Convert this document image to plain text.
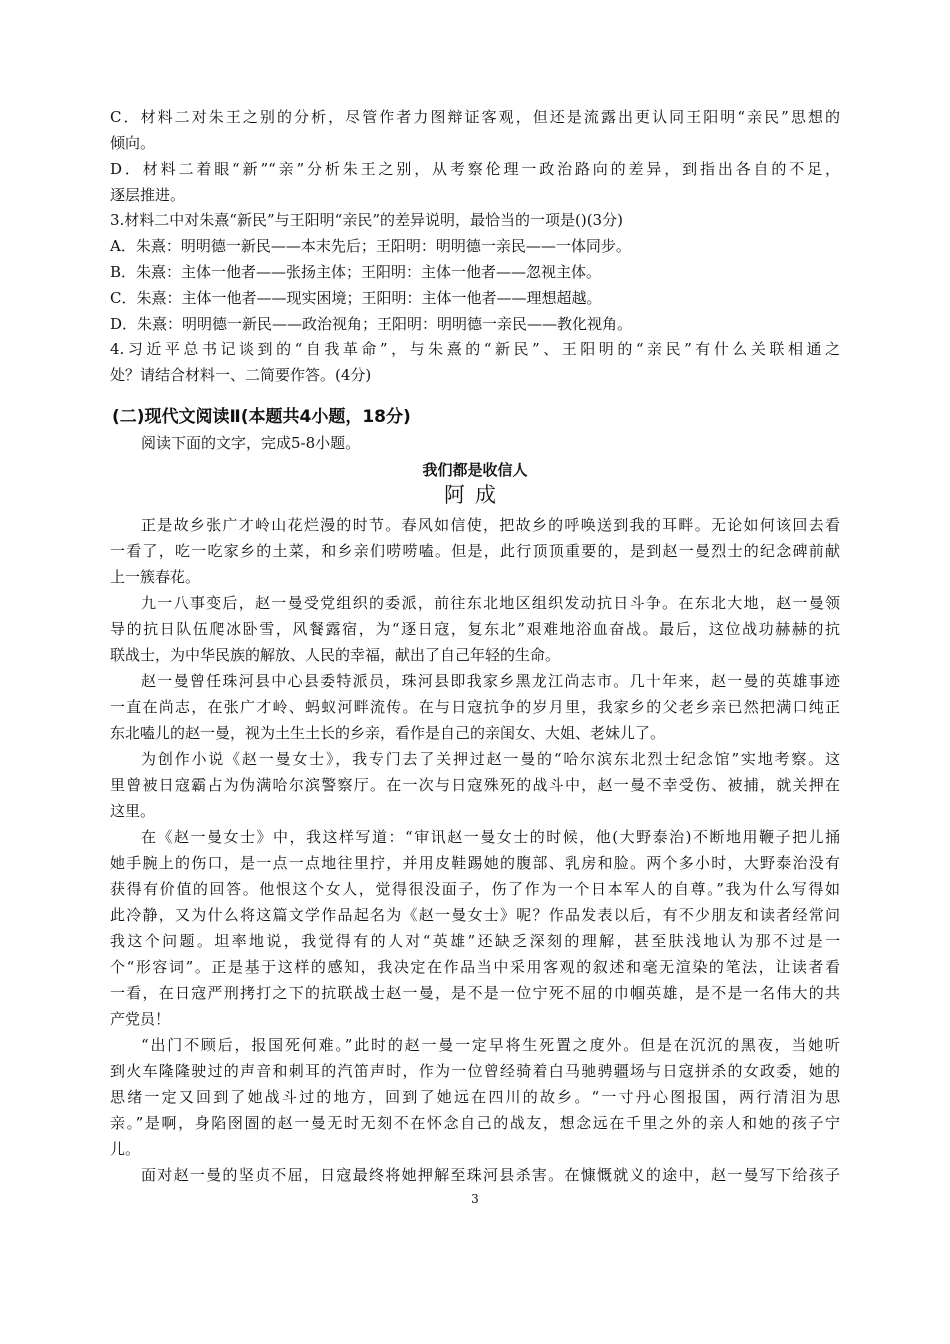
C．材料二对朱王之别的分析，尽管作者力图辩证客观，但还是流露出更认同王阳明“亲民”思想的
倾向。
D．材料二着眼“新”“亲”分析朱王之别，从考察伦理一政治路向的差异，到指出各自的不足，
逐层推进。
3.材料二中对朱熹“新民”与王阳明“亲民”的差异说明，最恰当的一项是()(3分)
A．朱熹：明明德一新民——本末先后；王阳明：明明德一亲民——一体同步。
B．朱熹：主体一他者——张扬主体；王阳明：主体一他者——忽视主体。
C．朱熹：主体一他者——现实困境；王阳明：主体一他者——理想超越。
D．朱熹：明明德一新民——政治视角；王阳明：明明德一亲民——教化视角。
4.习近平总书记谈到的“自我革命”，与朱熹的“新民”、王阳明的“亲民”有什么关联相通之
处？请结合材料一、二简要作答。(4分)
(二)现代文阅读Ⅱ(本题共4小题，18分)
阅读下面的文字，完成5-8小题。
我们都是收信人
阿成
正是故乡张广才岭山花烂漫的时节。春风如信使，把故乡的呼唤送到我的耳畔。无论如何该回去看
一看了，吃一吃家乡的土菜，和乡亲们唠唠嗑。但是，此行顶顶重要的，是到赵一曼烈士的纪念碑前献
上一簇春花。
九一八事变后，赵一曼受党组织的委派，前往东北地区组织发动抗日斗争。在东北大地，赵一曼领
导的抗日队伍爬冰卧雪，风餐露宿，为“逐日寇，复东北”艰难地浴血奋战。最后，这位战功赫赫的抗
联战士，为中华民族的解放、人民的幸福，献出了自己年轻的生命。
赵一曼曾任珠河县中心县委特派员，珠河县即我家乡黑龙江尚志市。几十年来，赵一曼的英雄事迹
一直在尚志，在张广才岭、蚂蚁河畔流传。在与日寇抗争的岁月里，我家乡的父老乡亲已然把满口纯正
东北嗑儿的赵一曼，视为土生土长的乡亲，看作是自己的亲闺女、大姐、老妹儿了。
为创作小说《赵一曼女士》，我专门去了关押过赵一曼的“哈尔滨东北烈士纪念馆”实地考察。这
里曾被日寇霸占为伪满哈尔滨警察厅。在一次与日寇殊死的战斗中，赵一曼不幸受伤、被捕，就关押在
这里。
在《赵一曼女士》中，我这样写道：“审讯赵一曼女士的时候，他(大野泰治)不断地用鞭子把儿捅
她手腕上的伤口，是一点一点地往里拧，并用皮鞋踢她的腹部、乳房和脸。两个多小时，大野泰治没有
获得有价值的回答。他恨这个女人，觉得很没面子，伤了作为一个日本军人的自尊。”我为什么写得如
此冷静，又为什么将这篇文学作品起名为《赵一曼女士》呢？作品发表以后，有不少朋友和读者经常问
我这个问题。坦率地说，我觉得有的人对“英雄”还缺乏深刻的理解，甚至肤浅地认为那不过是一
个“形容词”。正是基于这样的感知，我决定在作品当中采用客观的叙述和毫无渲染的笔法，让读者看
一看，在日寇严刑拷打之下的抗联战士赵一曼，是不是一位宁死不屈的巾帼英雄，是不是一名伟大的共
产党员！
“出门不顾后，报国死何难。”此时的赵一曼一定早将生死置之度外。但是在沉沉的黑夜，当她听
到火车隆隆驶过的声音和刺耳的汽笛声时，作为一位曾经骑着白马驰骋疆场与日寇拼杀的女政委，她的
思绪一定又回到了她战斗过的地方，回到了她远在四川的故乡。“一寸丹心图报国，两行清泪为思
亲。”是啊，身陷囹圄的赵一曼无时无刻不在怀念自己的战友，想念远在千里之外的亲人和她的孩子宁
儿。
面对赵一曼的坚贞不屈，日寇最终将她押解至珠河县杀害。在慷慨就义的途中，赵一曼写下给孩子
3
